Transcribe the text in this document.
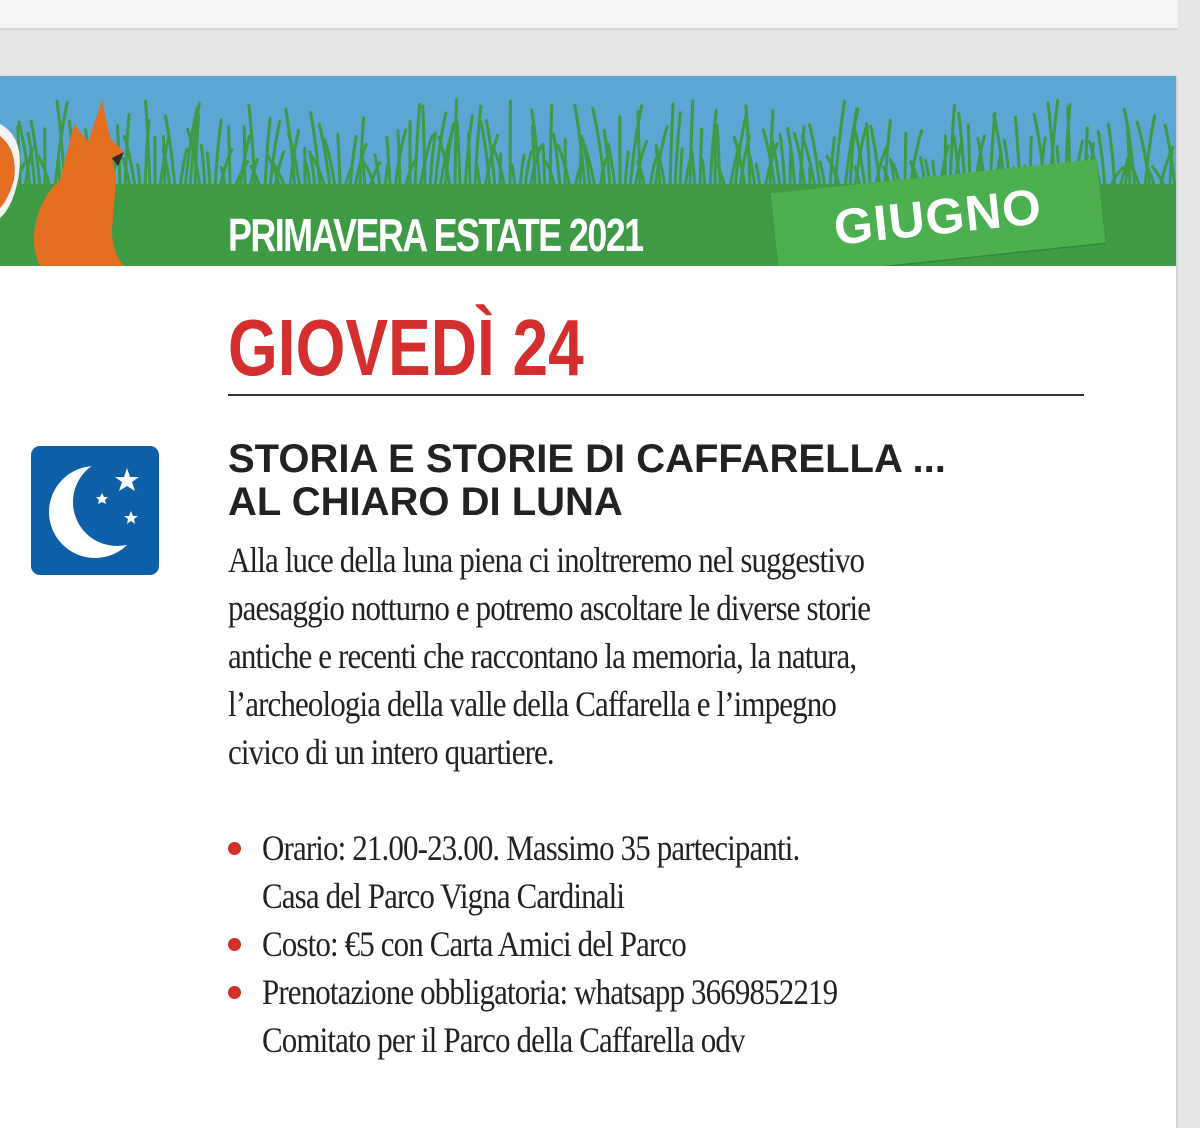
PRIMAVERA ESTATE 2021	GIUGNO
GIOVEDÌ 24
STORIA E STORIE DI CAFFARELLA ...
AL CHIARO DI LUNA
Alla luce della luna piena ci inoltreremo nel suggestivo
paesaggio notturno e potremo ascoltare le diverse storie
antiche e recenti che raccontano la memoria, la natura,
l’archeologia della valle della Caffarella e l’impegno
civico di un intero quartiere.
Orario: 21.00-23.00. Massimo 35 partecipanti.
Casa del Parco Vigna Cardinali
Costo: €5 con Carta Amici del Parco
Prenotazione obbligatoria: whatsapp 3669852219
Comitato per il Parco della Caffarella odv
